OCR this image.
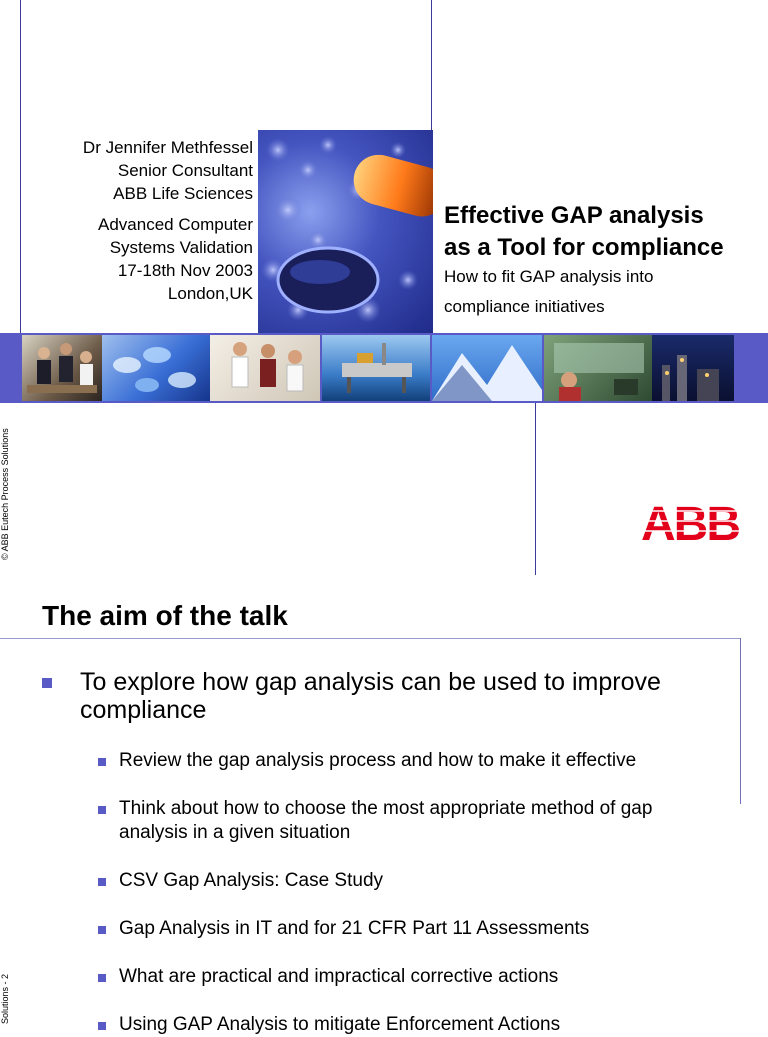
Dr Jennifer Methfessel
Senior Consultant
ABB Life Sciences
Advanced Computer
Systems Validation
17-18th Nov 2003
London,UK
Effective GAP analysis
as a Tool for compliance
How to fit GAP analysis into
compliance initiatives
© ABB Eutech Process Solutions	ABB
The aim of the talk
To explore how gap analysis can be used to improve compliance
Review the gap analysis process and how to make it effective
Think about how to choose the most appropriate method of gap analysis in a given situation
CSV Gap Analysis: Case Study
Gap Analysis in IT and for 21 CFR Part 11 Assessments
What are practical and impractical corrective actions
Using GAP Analysis to mitigate Enforcement Actions
Solutions - 2
